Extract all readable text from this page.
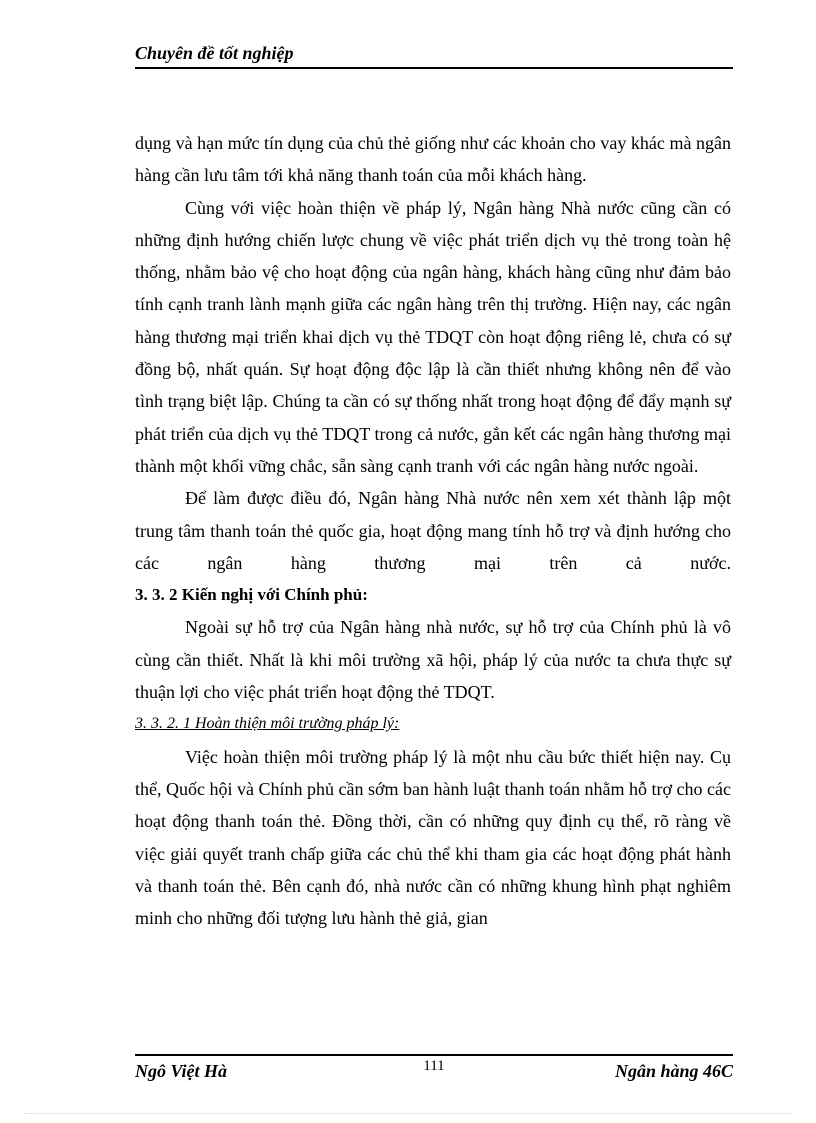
Chuyên đề tốt nghiệp

dụng và hạn mức tín dụng của chủ thẻ giống như các khoản cho vay khác mà ngân hàng cần lưu tâm tới khả năng thanh toán của mỗi khách hàng.

Cùng với việc hoàn thiện về pháp lý, Ngân hàng Nhà nước cũng cần có những định hướng chiến lược chung về việc phát triển dịch vụ thẻ trong toàn hệ thống, nhằm bảo vệ cho hoạt động của ngân hàng, khách hàng cũng như đảm bảo tính cạnh tranh lành mạnh giữa các ngân hàng trên thị trường. Hiện nay, các ngân hàng thương mại triển khai dịch vụ thẻ TDQT còn hoạt động riêng lẻ, chưa có sự đồng bộ, nhất quán. Sự hoạt động độc lập là cần thiết nhưng không nên để vào tình trạng biệt lập. Chúng ta cần có sự thống nhất trong hoạt động để đẩy mạnh sự phát triển của dịch vụ thẻ TDQT trong cả nước, gắn kết các ngân hàng thương mại thành một khối vững chắc, sẵn sàng cạnh tranh với các ngân hàng nước ngoài.

Để làm được điều đó, Ngân hàng Nhà nước nên xem xét thành lập một trung tâm thanh toán thẻ quốc gia, hoạt động mang tính hỗ trợ và định hướng cho các ngân hàng thương mại trên cả nước.

3. 3. 2 Kiến nghị với Chính phủ:

Ngoài sự hỗ trợ của Ngân hàng nhà nước, sự hỗ trợ của Chính phủ là vô cùng cần thiết. Nhất là khi môi trường xã hội, pháp lý của nước ta chưa thực sự thuận lợi cho việc phát triển hoạt động thẻ TDQT.

3. 3. 2. 1 Hoàn thiện môi trường pháp lý:

Việc hoàn thiện môi trường pháp lý là một nhu cầu bức thiết hiện nay. Cụ thể, Quốc hội và Chính phủ cần sớm ban hành luật thanh toán nhằm hỗ trợ cho các hoạt động thanh toán thẻ. Đồng thời, cần có những quy định cụ thể, rõ ràng về việc giải quyết tranh chấp giữa các chủ thể khi tham gia các hoạt động phát hành và thanh toán thẻ. Bên cạnh đó, nhà nước cần có những khung hình phạt nghiêm minh cho những đối tượng lưu hành thẻ giả, gian

Ngô Việt Hà	111	Ngân hàng 46C
